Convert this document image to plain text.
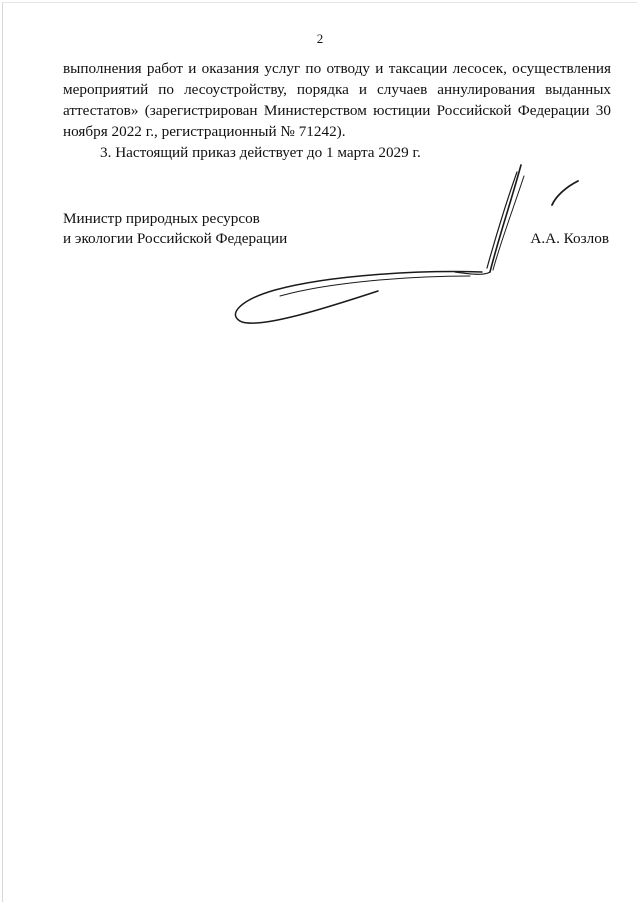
2

выполнения работ и оказания услуг по отводу и таксации лесосек, осуществления мероприятий по лесоустройству, порядка и случаев аннулирования выданных аттестатов» (зарегистрирован Министерством юстиции Российской Федерации 30 ноября 2022 г., регистрационный № 71242).

3. Настоящий приказ действует до 1 марта 2029 г.

Министр природных ресурсов
и экологии Российской Федерации	А.А. Козлов
